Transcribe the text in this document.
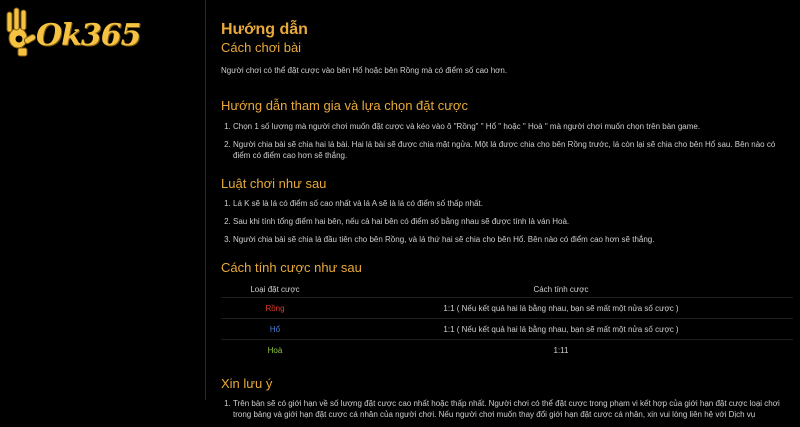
Ok365	Hướng dẫn
Cách chơi bài

Người chơi có thể đặt cược vào bên Hổ hoặc bên Rồng mà có điểm số cao hơn.

Hướng dẫn tham gia và lựa chọn đặt cược
1. Chọn 1 số lượng mà người chơi muốn đặt cược và kéo vào ô "Rồng" " Hổ " hoặc " Hoà " mà người chơi muốn chọn trên bàn game.
2. Người chia bài sẽ chia hai lá bài. Hai lá bài sẽ được chia mặt ngửa. Một lá được chia cho bên Rồng trước, lá còn lại sẽ chia cho bên Hổ sau. Bên nào có điểm có điểm cao hơn sẽ thắng.
Luật chơi như sau
1. Lá K sẽ là lá có điểm số cao nhất và lá A sẽ là lá có điểm số thấp nhất.
2. Sau khi tính tổng điểm hai bên, nếu cả hai bên có điểm số bằng nhau sẽ được tính là ván Hoà.
3. Người chia bài sẽ chia lá đầu tiên cho bên Rồng, và lá thứ hai sẽ chia cho bên Hổ. Bên nào có điểm cao hơn sẽ thắng.
Cách tính cược như sau
Loại đặt cược	Cách tính cược
Rồng	1:1 ( Nếu kết quả hai lá bằng nhau, bạn sẽ mất một nửa số cược )
Hổ	1:1 ( Nếu kết quả hai lá bằng nhau, bạn sẽ mất một nửa số cược )
Hoà	1:11
Xin lưu ý
1. Trên bàn sẽ có giới hạn về số lượng đặt cược cao nhất hoặc thấp nhất. Người chơi có thể đặt cược trong phạm vi kết hợp của giới hạn đặt cược loại chơi trong bảng và giới hạn đặt cược cá nhân của người chơi. Nếu người chơi muốn thay đổi giới hạn đặt cược cá nhân, xin vui lòng liên hệ với Dịch vụ
